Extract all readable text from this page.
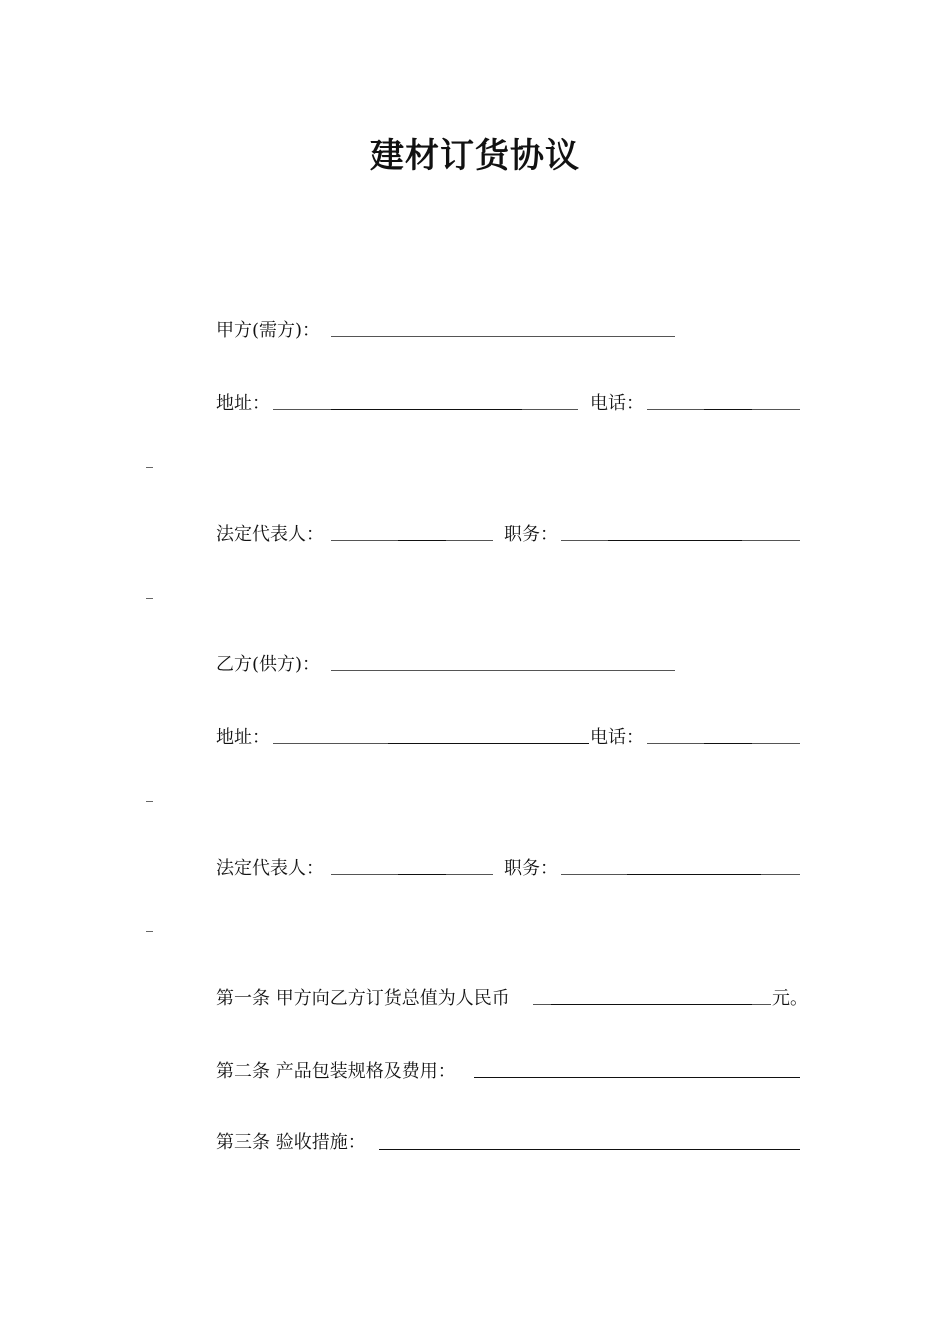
建材订货协议
甲方(需方)：
地址：	电话：
法定代表人：	职务：
乙方(供方)：
地址：	电话：
法定代表人：	职务：
第一条 甲方向乙方订货总值为人民币	元。
第二条 产品包装规格及费用：
第三条 验收措施：
